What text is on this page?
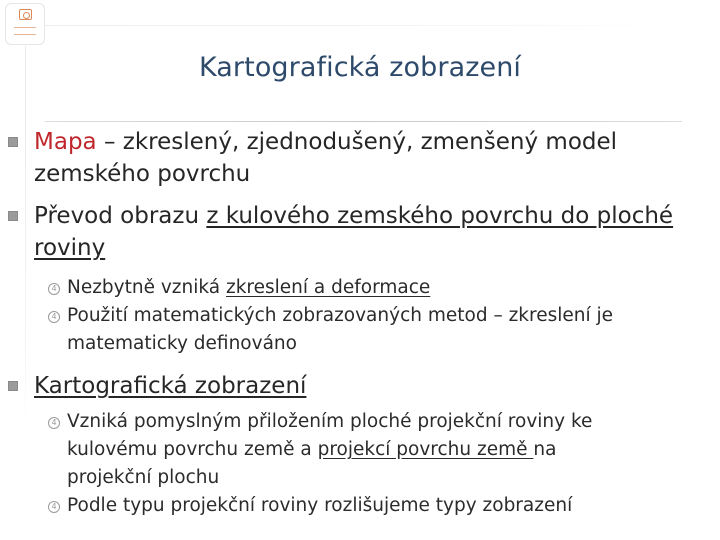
Kartografická zobrazení
Mapa – zkreslený, zjednodušený, zmenšený model
zemského povrchu
Převod obrazu z kulového zemského povrchu do ploché
roviny
4 Nezbytně vzniká zkreslení a deformace
4 Použití matematických zobrazovaných metod – zkreslení je
matematicky definováno
Kartografická zobrazení
4 Vzniká pomyslným přiložením ploché projekční roviny ke
kulovému povrchu země a projekcí povrchu země na
projekční plochu
4 Podle typu projekční roviny rozlišujeme typy zobrazení
